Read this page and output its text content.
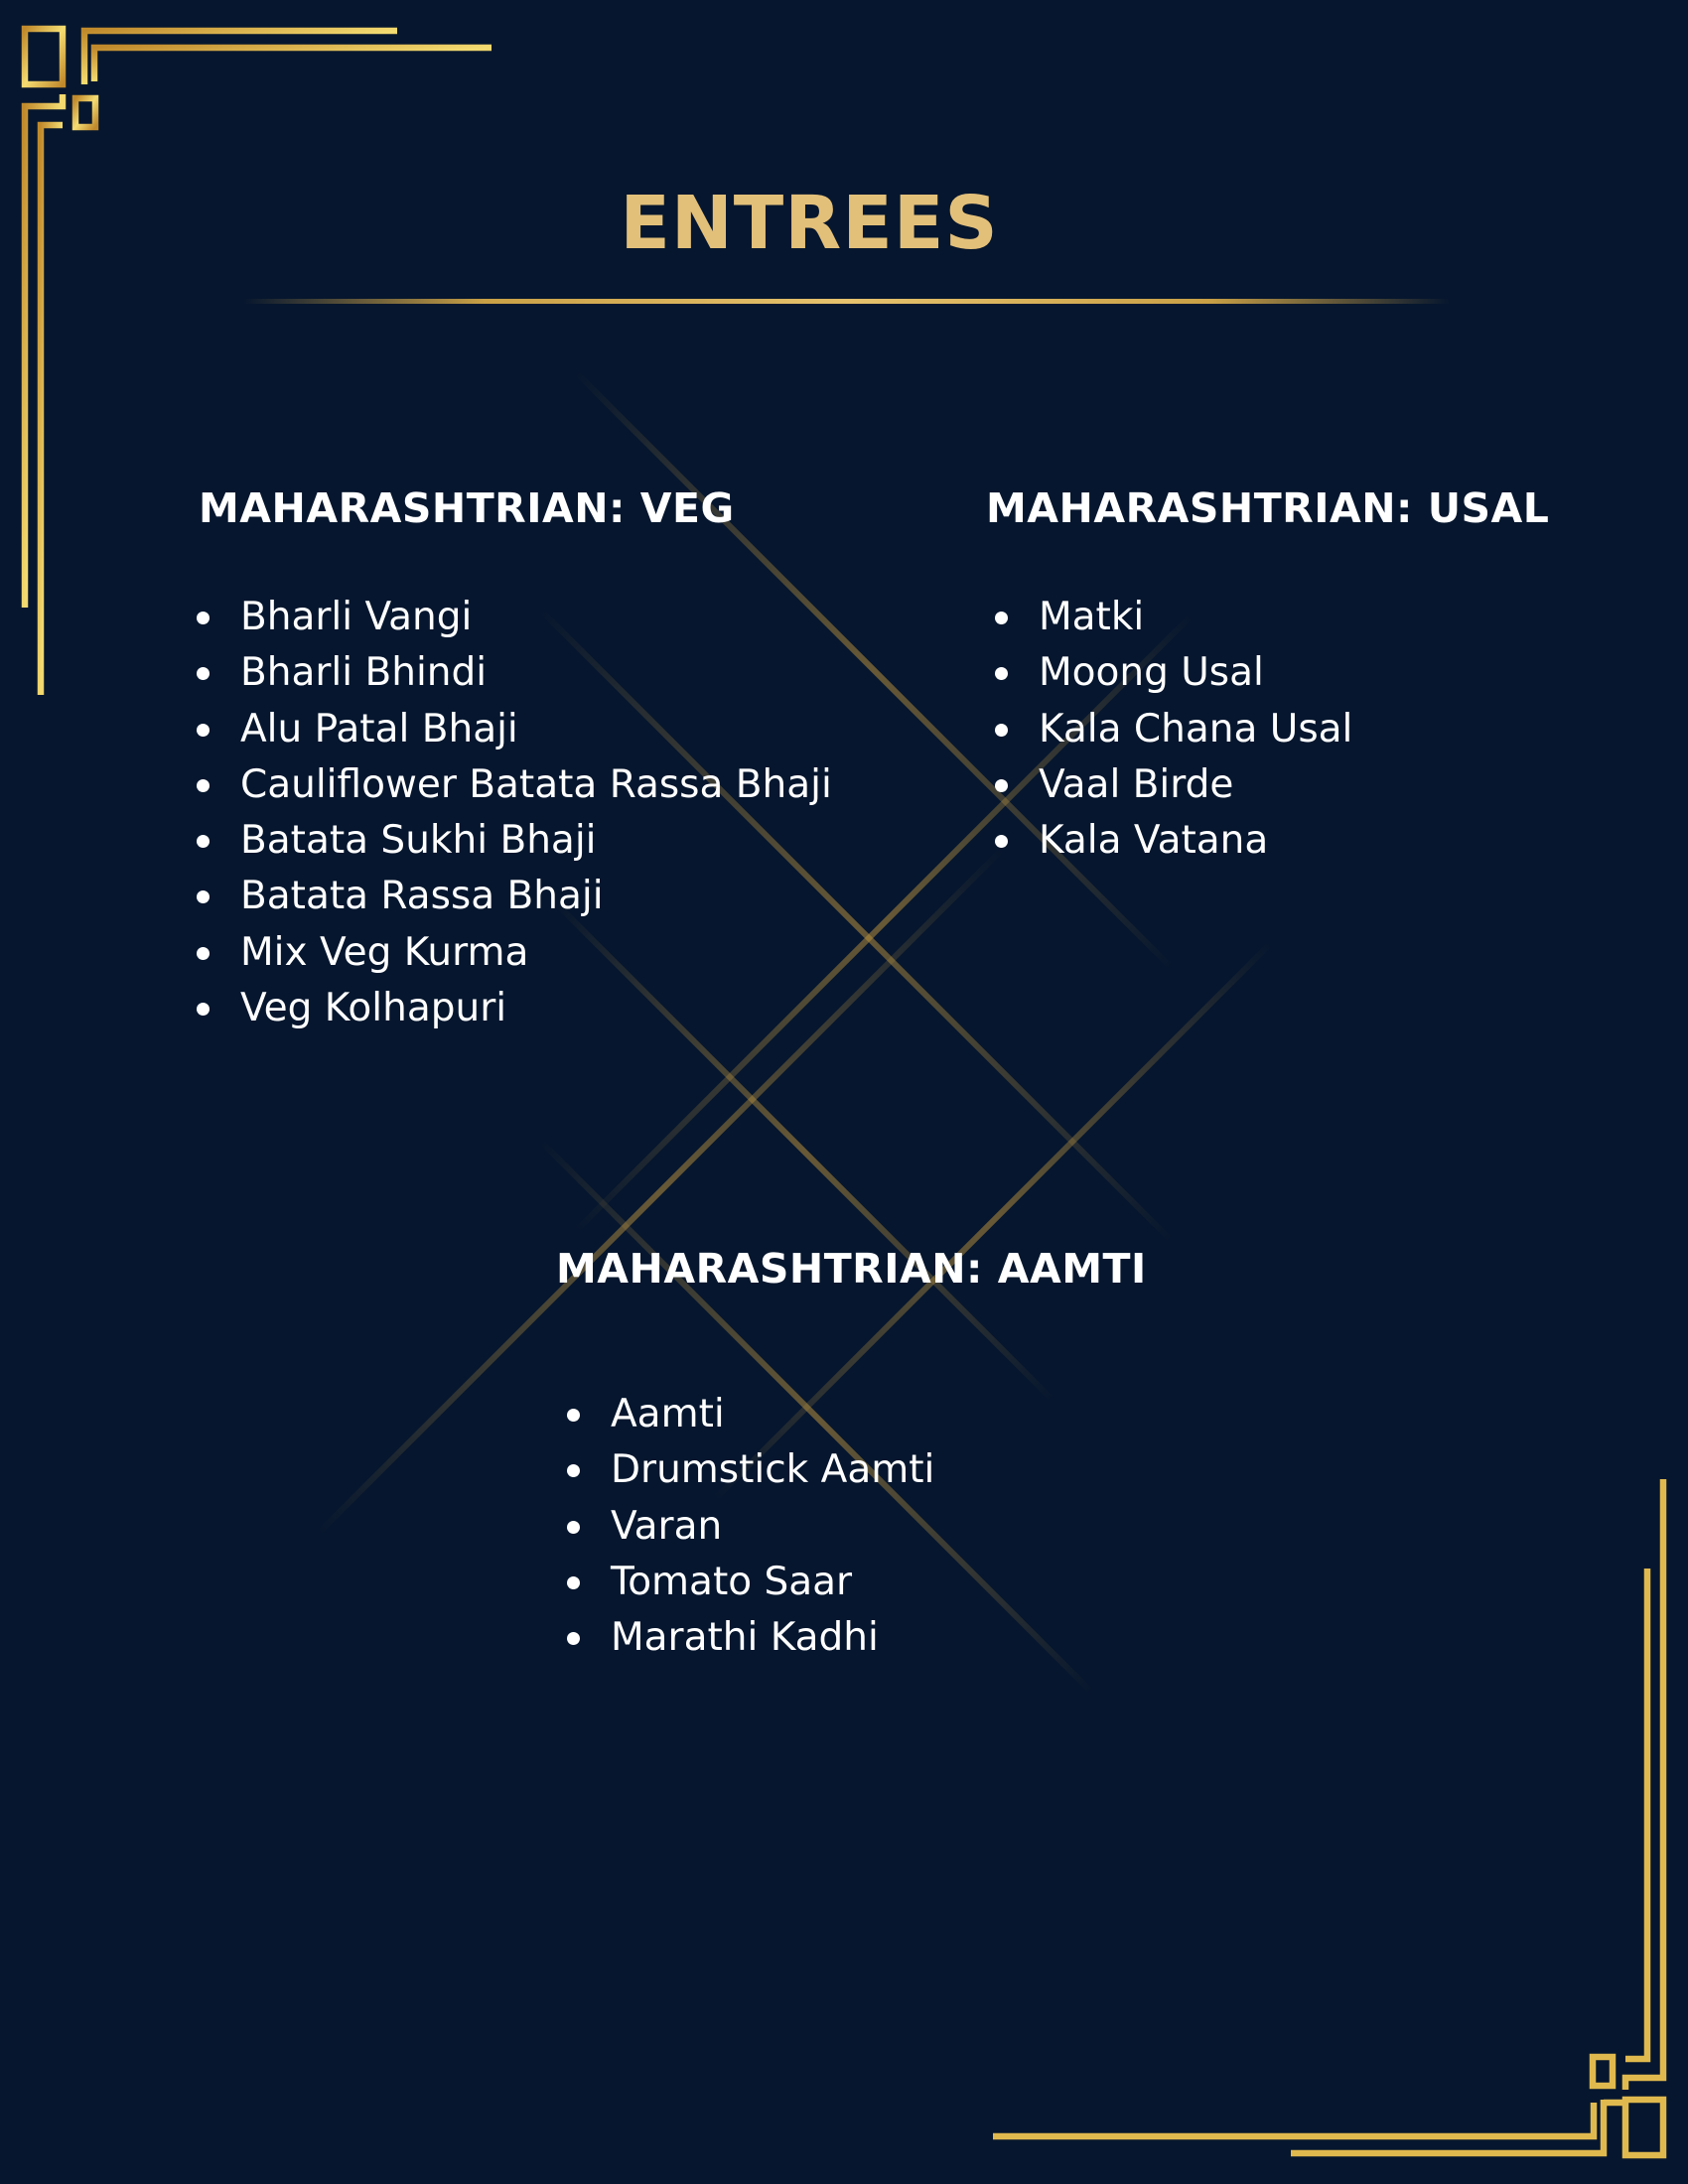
ENTREES
MAHARASHTRIAN: VEG
Bharli Vangi
Bharli Bhindi
Alu Patal Bhaji
Cauliflower Batata Rassa Bhaji
Batata Sukhi Bhaji
Batata Rassa Bhaji
Mix Veg Kurma
Veg Kolhapuri
MAHARASHTRIAN: USAL
Matki
Moong Usal
Kala Chana Usal
Vaal Birde
Kala Vatana
MAHARASHTRIAN: AAMTI
Aamti
Drumstick Aamti
Varan
Tomato Saar
Marathi Kadhi
